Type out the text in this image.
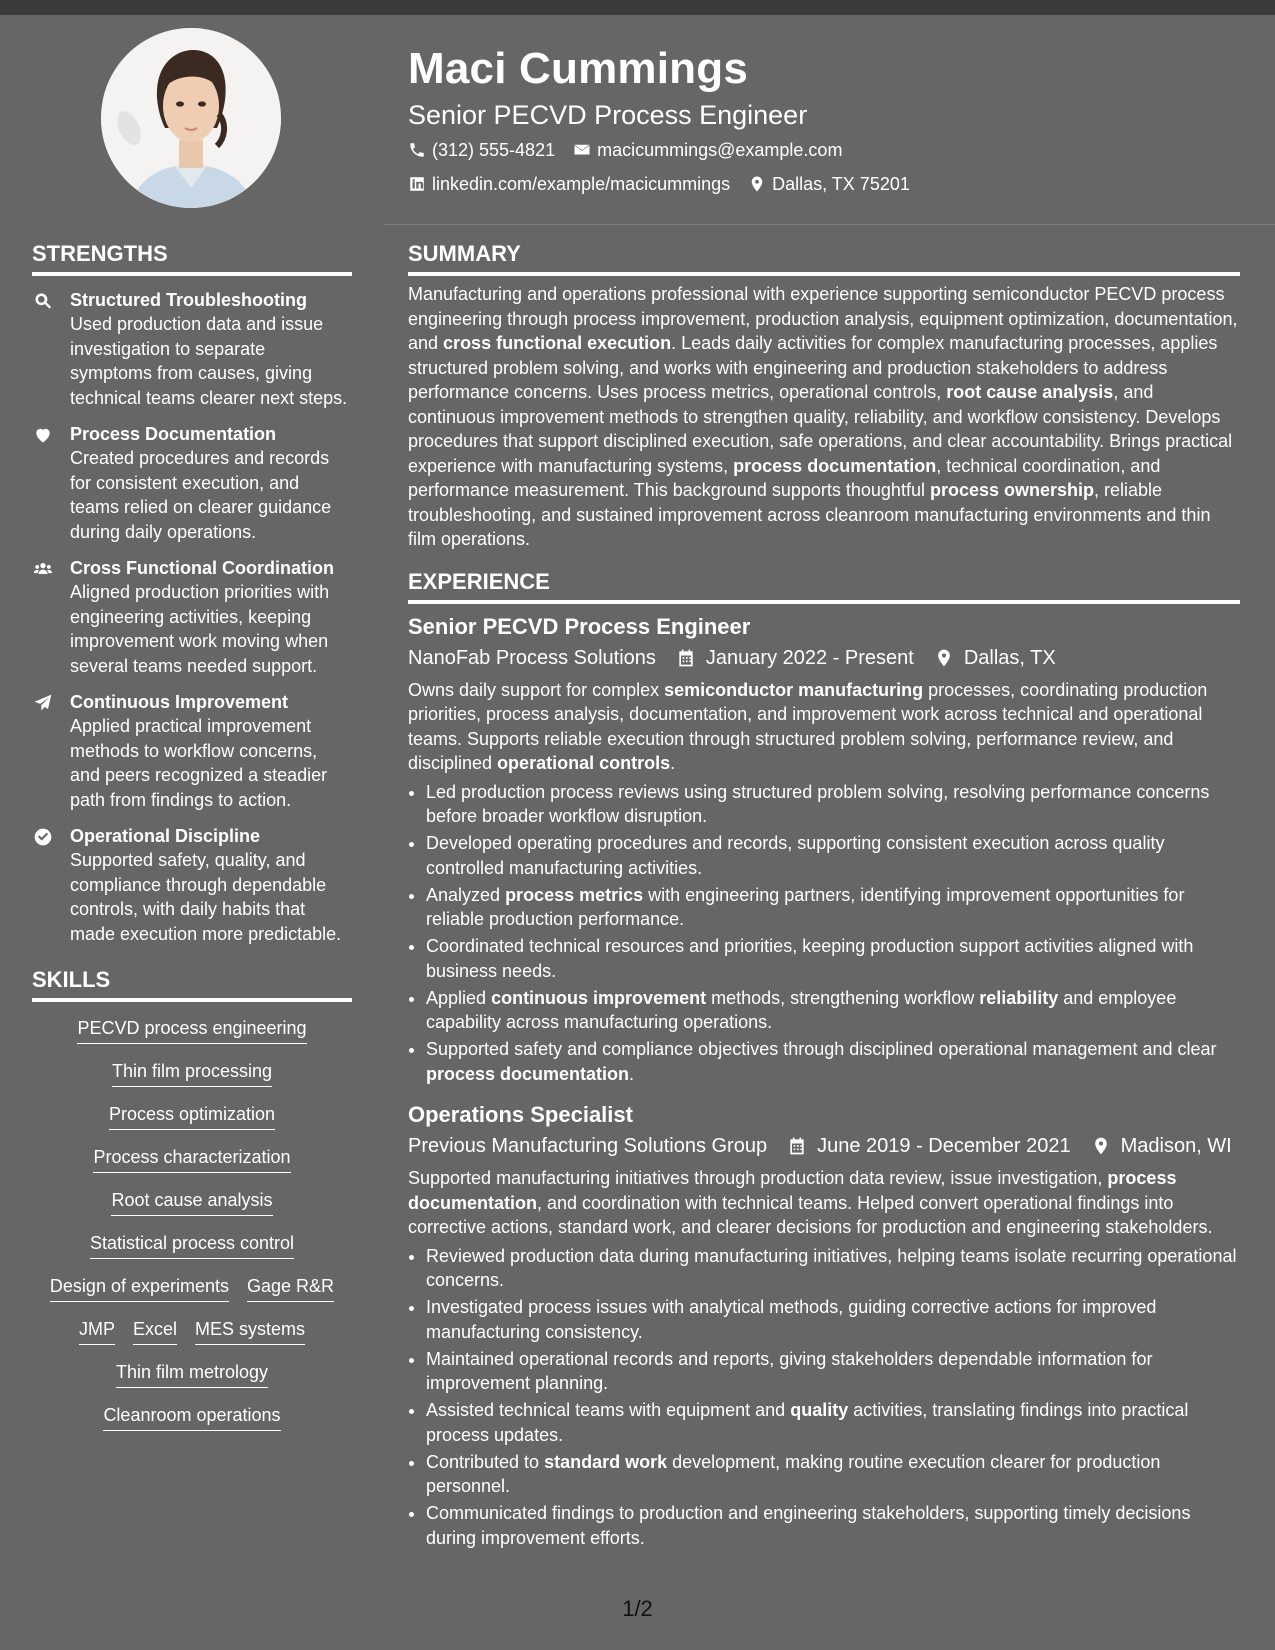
Maci Cummings
Senior PECVD Process Engineer
(312) 555-4821 macicummings@example.com
linkedin.com/example/macicummings Dallas, TX 75201
STRENGTHS
Structured Troubleshooting
Used production data and issue investigation to separate symptoms from causes, giving technical teams clearer next steps.
Process Documentation
Created procedures and records for consistent execution, and teams relied on clearer guidance during daily operations.
Cross Functional Coordination
Aligned production priorities with engineering activities, keeping improvement work moving when several teams needed support.
Continuous Improvement
Applied practical improvement methods to workflow concerns, and peers recognized a steadier path from findings to action.
Operational Discipline
Supported safety, quality, and compliance through dependable controls, with daily habits that made execution more predictable.
SKILLS
PECVD process engineering
Thin film processing
Process optimization
Process characterization
Root cause analysis
Statistical process control
Design of experiments Gage R&R
JMP Excel MES systems
Thin film metrology
Cleanroom operations
SUMMARY
Manufacturing and operations professional with experience supporting semiconductor PECVD process engineering through process improvement, production analysis, equipment optimization, documentation, and cross functional execution. Leads daily activities for complex manufacturing processes, applies structured problem solving, and works with engineering and production stakeholders to address performance concerns. Uses process metrics, operational controls, root cause analysis, and continuous improvement methods to strengthen quality, reliability, and workflow consistency. Develops procedures that support disciplined execution, safe operations, and clear accountability. Brings practical experience with manufacturing systems, process documentation, technical coordination, and performance measurement. This background supports thoughtful process ownership, reliable troubleshooting, and sustained improvement across cleanroom manufacturing environments and thin film operations.
EXPERIENCE
Senior PECVD Process Engineer
NanoFab Process Solutions	January 2022 - Present	Dallas, TX
Owns daily support for complex semiconductor manufacturing processes, coordinating production priorities, process analysis, documentation, and improvement work across technical and operational teams. Supports reliable execution through structured problem solving, performance review, and disciplined operational controls.
• Led production process reviews using structured problem solving, resolving performance concerns before broader workflow disruption.
• Developed operating procedures and records, supporting consistent execution across quality controlled manufacturing activities.
• Analyzed process metrics with engineering partners, identifying improvement opportunities for reliable production performance.
• Coordinated technical resources and priorities, keeping production support activities aligned with business needs.
• Applied continuous improvement methods, strengthening workflow reliability and employee capability across manufacturing operations.
• Supported safety and compliance objectives through disciplined operational management and clear process documentation.
Operations Specialist
Previous Manufacturing Solutions Group	June 2019 - December 2021	Madison, WI
Supported manufacturing initiatives through production data review, issue investigation, process documentation, and coordination with technical teams. Helped convert operational findings into corrective actions, standard work, and clearer decisions for production and engineering stakeholders.
• Reviewed production data during manufacturing initiatives, helping teams isolate recurring operational concerns.
• Investigated process issues with analytical methods, guiding corrective actions for improved manufacturing consistency.
• Maintained operational records and reports, giving stakeholders dependable information for improvement planning.
• Assisted technical teams with equipment and quality activities, translating findings into practical process updates.
• Contributed to standard work development, making routine execution clearer for production personnel.
• Communicated findings to production and engineering stakeholders, supporting timely decisions during improvement efforts.
1/2
